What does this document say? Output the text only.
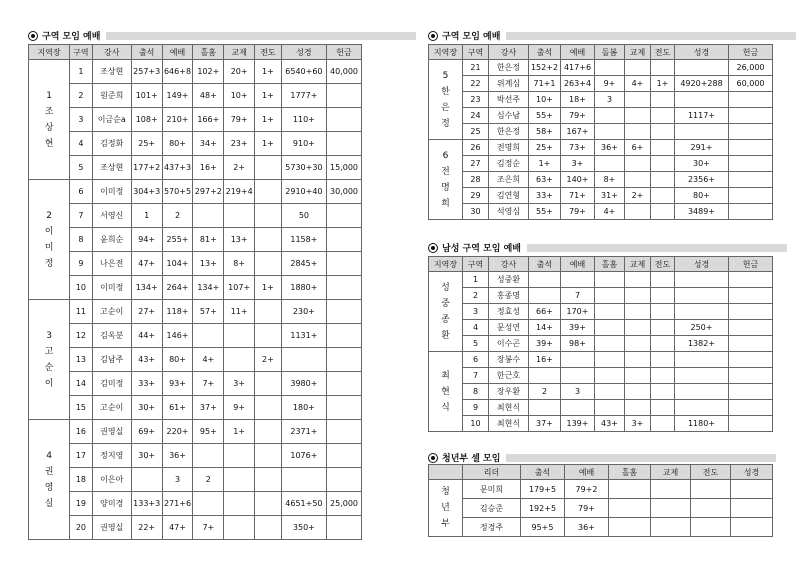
구역 모임 예배
지역장	구역	강사	출석	예배	홀홈	교제	전도	성경	헌금

1
조
상
현	1	조상현	257+3	646+8	102+	20+	1+	6540+60	40,000
	2	원준희	101+	149+	48+	10+	1+	1777+	
	3	이금순a	108+	210+	166+	79+	1+	110+	
	4	김정화	25+	80+	34+	23+	1+	910+	
	5	조상현	177+2	437+3	16+	2+		5730+30	15,000

2
이
미
정	6	이미정	304+3	570+5	297+2	219+4		2910+40	30,000
	7	서영신	1	2				50	
	8	윤희순	94+	255+	81+	13+		1158+	
	9	나은전	47+	104+	13+	8+		2845+	
	10	이미정	134+	264+	134+	107+	1+	1880+	

3
고
순
이	11	고순이	27+	118+	57+	11+		230+	
	12	김옥분	44+	146+				1131+	
	13	김남주	43+	80+	4+		2+		
	14	김미정	33+	93+	7+	3+		3980+	
	15	고순이	30+	61+	37+	9+		180+	

4
권
영
실	16	권영실	69+	220+	95+	1+		2371+	
	17	정지영	30+	36+				1076+	
	18	이은아		3	2				
	19	양미경	133+3	271+6				4651+50	25,000
	20	권영실	22+	47+	7+			350+	
구역 모임 예배
지역장	구역	강사	출석	예배	돌봄	교제	전도	성경	헌금

5
한
은
정	21	한은정	152+2	417+6					26,000
	22	위계심	71+1	263+4	9+	4+	1+	4920+288	60,000
	23	박선주	10+	18+	3				
	24	심수남	55+	79+				1117+	
	25	한은정	58+	167+					

6
전
명
희	26	전명희	25+	73+	36+	6+		291+	
	27	김정순	1+	3+				30+	
	28	조은희	63+	140+	8+			2356+	
	29	김연형	33+	71+	31+	2+		80+	
	30	석영심	55+	79+	4+			3489+	
남성 구역 모임 예배
지역장	구역	강사	출석	예배	홀홈	교제	전도	성경	헌금

성
중
종
환	1	성중환							
	2	홍종명		7					
	3	정효성	66+	170+					
	4	문성연	14+	39+				250+	
	5	이수곤	39+	98+				1382+	

최
현
식	6	장봉수	16+						
	7	한근호							
	8	장우환	2	3					
	9	최현식							
	10	최현식	37+	139+	43+	3+		1180+	
청년부 셀 모임
	리더	출석	예배	홀홈	교제	전도	성경

청
년
부	문미희	179+5	79+2				
	김승준	192+5	79+				
	정경주	95+5	36+				
